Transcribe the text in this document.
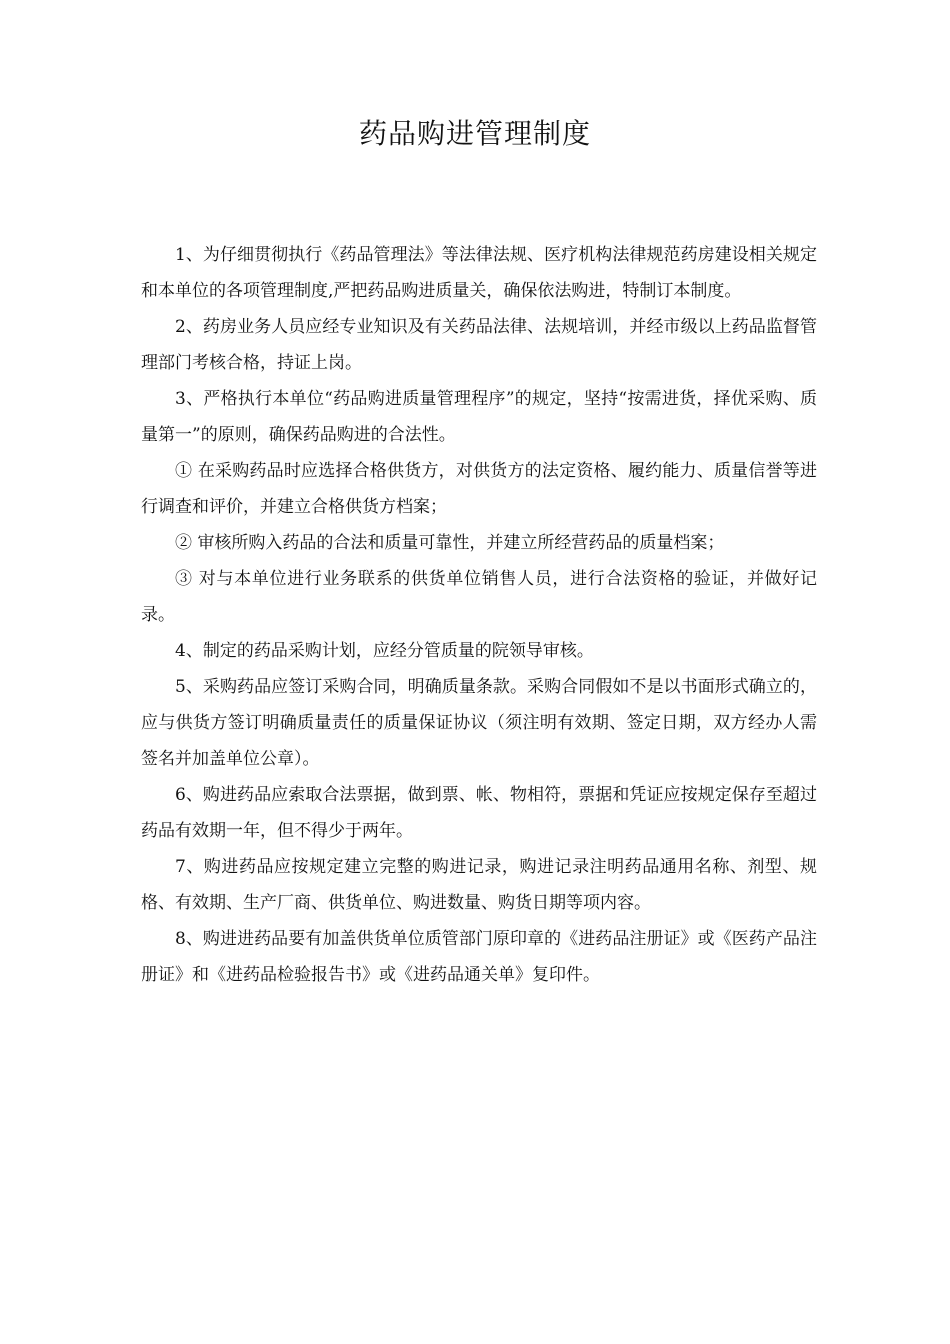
药品购进管理制度

1、为仔细贯彻执行《药品管理法》等法律法规、医疗机构法律规范药房建设相关规定和本单位的各项管理制度,严把药品购进质量关，确保依法购进，特制订本制度。

2、药房业务人员应经专业知识及有关药品法律、法规培训，并经市级以上药品监督管理部门考核合格，持证上岗。

3、严格执行本单位“药品购进质量管理程序”的规定，坚持“按需进货，择优采购、质量第一”的原则，确保药品购进的合法性。

① 在采购药品时应选择合格供货方，对供货方的法定资格、履约能力、质量信誉等进行调查和评价，并建立合格供货方档案；

② 审核所购入药品的合法和质量可靠性，并建立所经营药品的质量档案；

③ 对与本单位进行业务联系的供货单位销售人员，进行合法资格的验证，并做好记录。

4、制定的药品采购计划，应经分管质量的院领导审核。

5、采购药品应签订采购合同，明确质量条款。采购合同假如不是以书面形式确立的，应与供货方签订明确质量责任的质量保证协议（须注明有效期、签定日期，双方经办人需签名并加盖单位公章）。

6、购进药品应索取合法票据，做到票、帐、物相符，票据和凭证应按规定保存至超过药品有效期一年，但不得少于两年。

7、购进药品应按规定建立完整的购进记录，购进记录注明药品通用名称、剂型、规格、有效期、生产厂商、供货单位、购进数量、购货日期等项内容。

8、购进进药品要有加盖供货单位质管部门原印章的《进药品注册证》或《医药产品注册证》和《进药品检验报告书》或《进药品通关单》复印件。
